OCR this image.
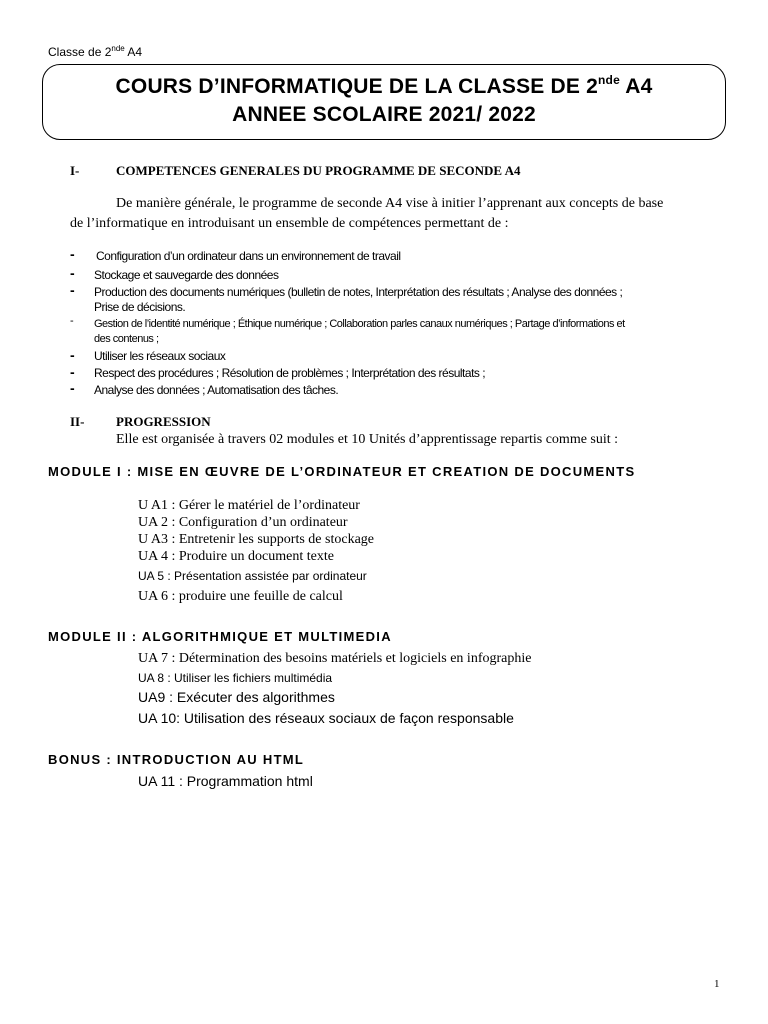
Classe de 2nde A4
COURS D’INFORMATIQUE DE LA CLASSE DE 2nde A4
ANNEE SCOLAIRE 2021/ 2022
I-	COMPETENCES GENERALES DU PROGRAMME DE SECONDE A4
De manière générale, le programme de seconde A4 vise à initier l’apprenant aux concepts de base
de l’informatique en introduisant un ensemble de compétences permettant de :
- Configuration d’un ordinateur dans un environnement de travail
- Stockage et sauvegarde des données
- Production des documents numériques (bulletin de notes, Interprétation des résultats ; Analyse des données ;
Prise de décisions.
- Gestion de l’identité numérique ; Éthique numérique ; Collaboration parles canaux numériques ; Partage d’informations et
des contenus ;
- Utiliser les réseaux sociaux
- Respect des procédures ; Résolution de problèmes ; Interprétation des résultats ;
- Analyse des données ; Automatisation des tâches.
II- PROGRESSION
Elle est organisée à travers 02 modules et 10 Unités d’apprentissage repartis comme suit :
MODULE I : MISE EN ŒUVRE DE L’ORDINATEUR ET CREATION DE DOCUMENTS
U A1 : Gérer le matériel de l’ordinateur
UA 2 : Configuration d’un ordinateur
U A3 : Entretenir les supports de stockage
UA 4 : Produire un document texte
UA 5 : Présentation assistée par ordinateur
UA 6 : produire une feuille de calcul
MODULE II : ALGORITHMIQUE ET MULTIMEDIA
UA 7 : Détermination des besoins matériels et logiciels en infographie
UA 8 : Utiliser les fichiers multimédia
UA9 : Exécuter des algorithmes
UA 10: Utilisation des réseaux sociaux de façon responsable
BONUS : INTRODUCTION AU HTML
UA 11 : Programmation html
1
